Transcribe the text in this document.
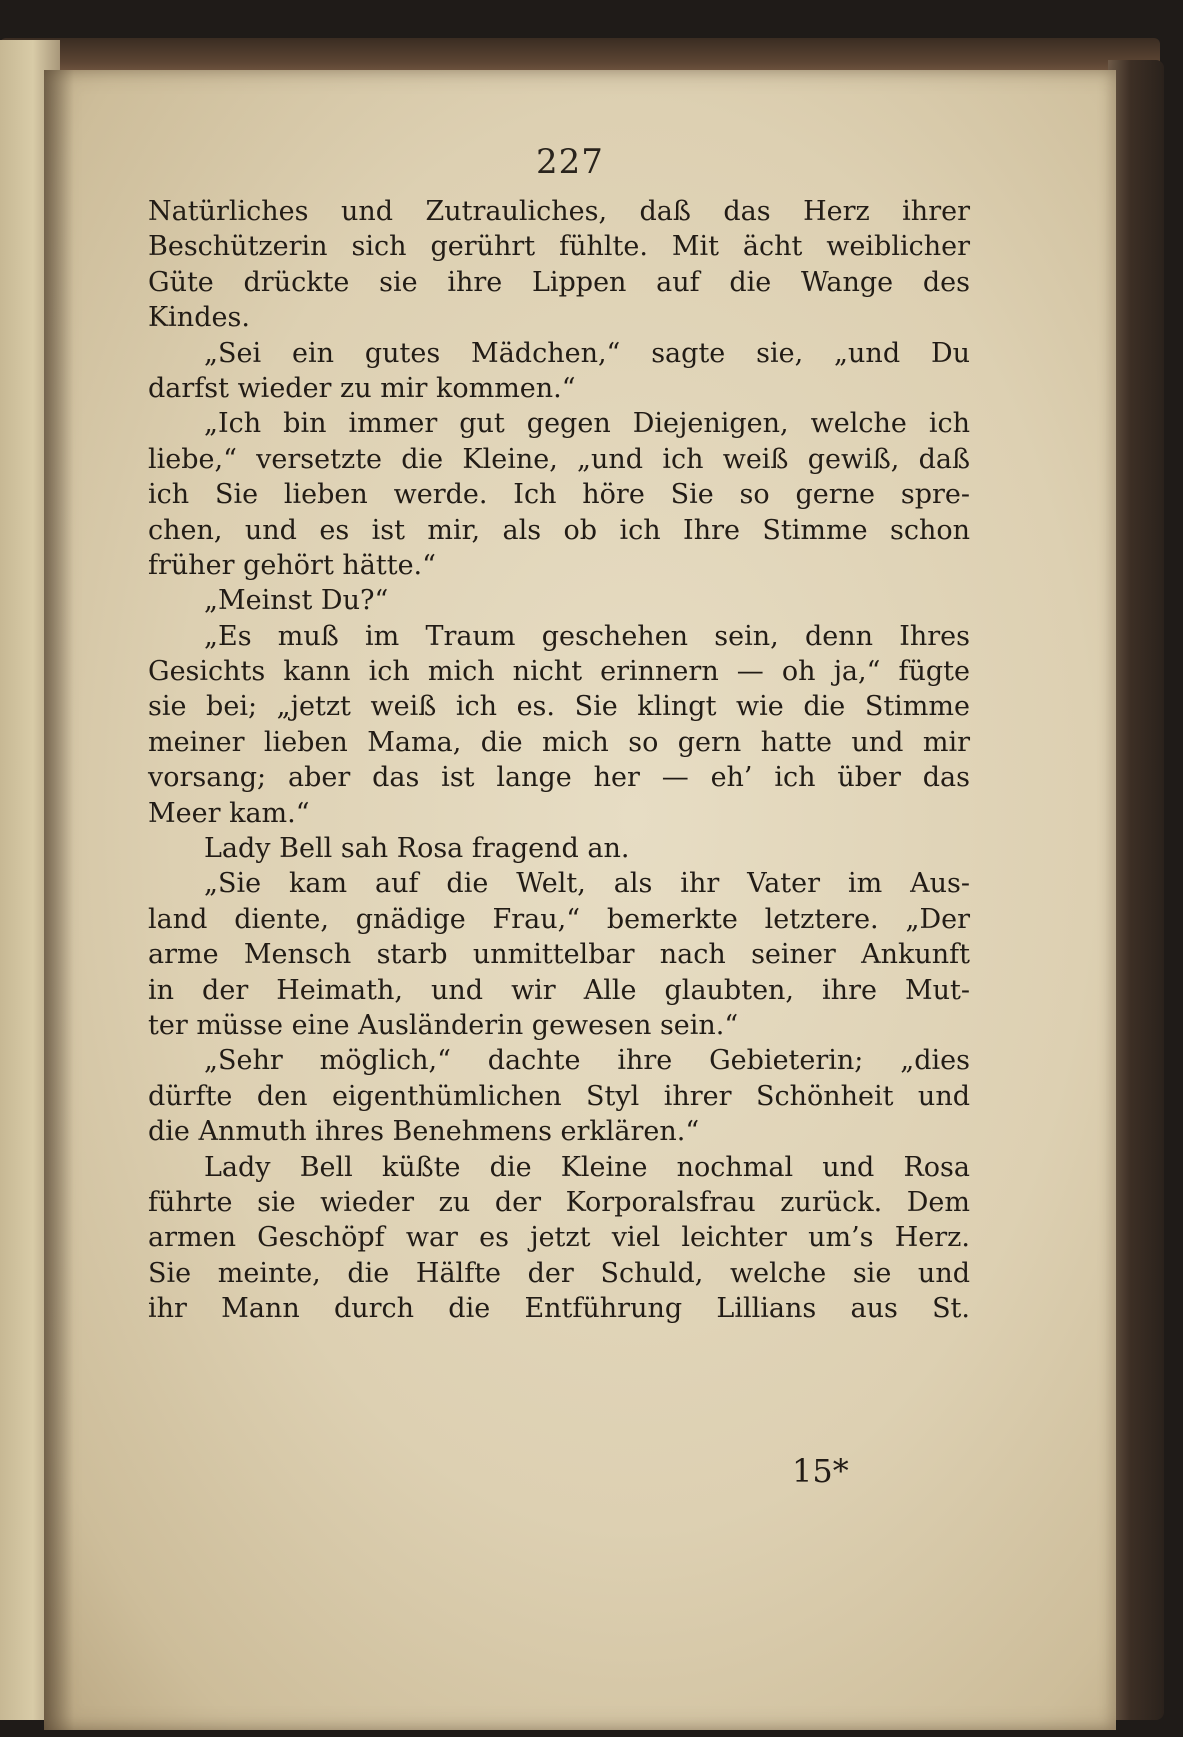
227
Natürliches und Zutrauliches, daß das Herz ihrer
Beschützerin sich gerührt fühlte. Mit ächt weiblicher
Güte drückte sie ihre Lippen auf die Wange des
Kindes.
„Sei ein gutes Mädchen,“ sagte sie, „und Du
darfst wieder zu mir kommen.“
„Ich bin immer gut gegen Diejenigen, welche ich
liebe,“ versetzte die Kleine, „und ich weiß gewiß, daß
ich Sie lieben werde. Ich höre Sie so gerne spre-
chen, und es ist mir, als ob ich Ihre Stimme schon
früher gehört hätte.“
„Meinst Du?“
„Es muß im Traum geschehen sein, denn Ihres
Gesichts kann ich mich nicht erinnern — oh ja,“ fügte
sie bei; „jetzt weiß ich es. Sie klingt wie die Stimme
meiner lieben Mama, die mich so gern hatte und mir
vorsang; aber das ist lange her — eh’ ich über das
Meer kam.“
Lady Bell sah Rosa fragend an.
„Sie kam auf die Welt, als ihr Vater im Aus-
land diente, gnädige Frau,“ bemerkte letztere. „Der
arme Mensch starb unmittelbar nach seiner Ankunft
in der Heimath, und wir Alle glaubten, ihre Mut-
ter müsse eine Ausländerin gewesen sein.“
„Sehr möglich,“ dachte ihre Gebieterin; „dies
dürfte den eigenthümlichen Styl ihrer Schönheit und
die Anmuth ihres Benehmens erklären.“
Lady Bell küßte die Kleine nochmal und Rosa
führte sie wieder zu der Korporalsfrau zurück. Dem
armen Geschöpf war es jetzt viel leichter um’s Herz.
Sie meinte, die Hälfte der Schuld, welche sie und
ihr Mann durch die Entführung Lillians aus St.
15*
